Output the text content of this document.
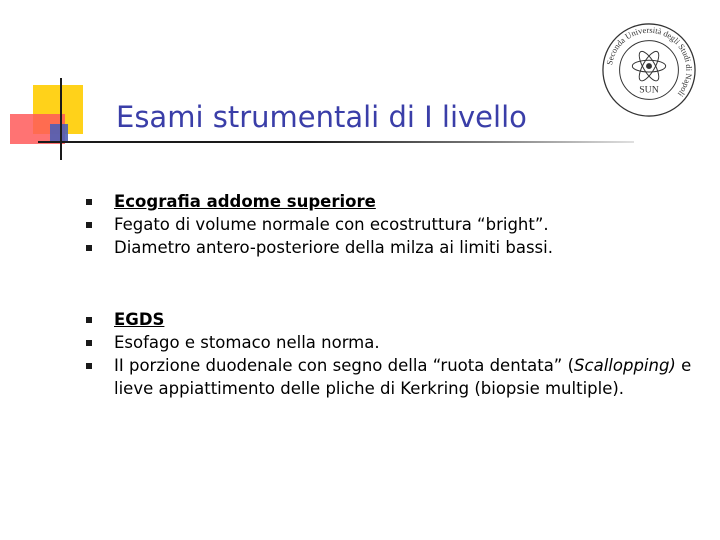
Esami strumentali di I livello
Seconda Università degli Studi di Napoli
SUN
Ecografia addome superiore
Fegato di volume normale con ecostruttura “bright”.
Diametro antero-posteriore della milza ai limiti bassi.
EGDS
Esofago e stomaco nella norma.
II porzione duodenale con segno della “ruota dentata” (Scallopping) e lieve appiattimento delle pliche di Kerkring (biopsie multiple).
